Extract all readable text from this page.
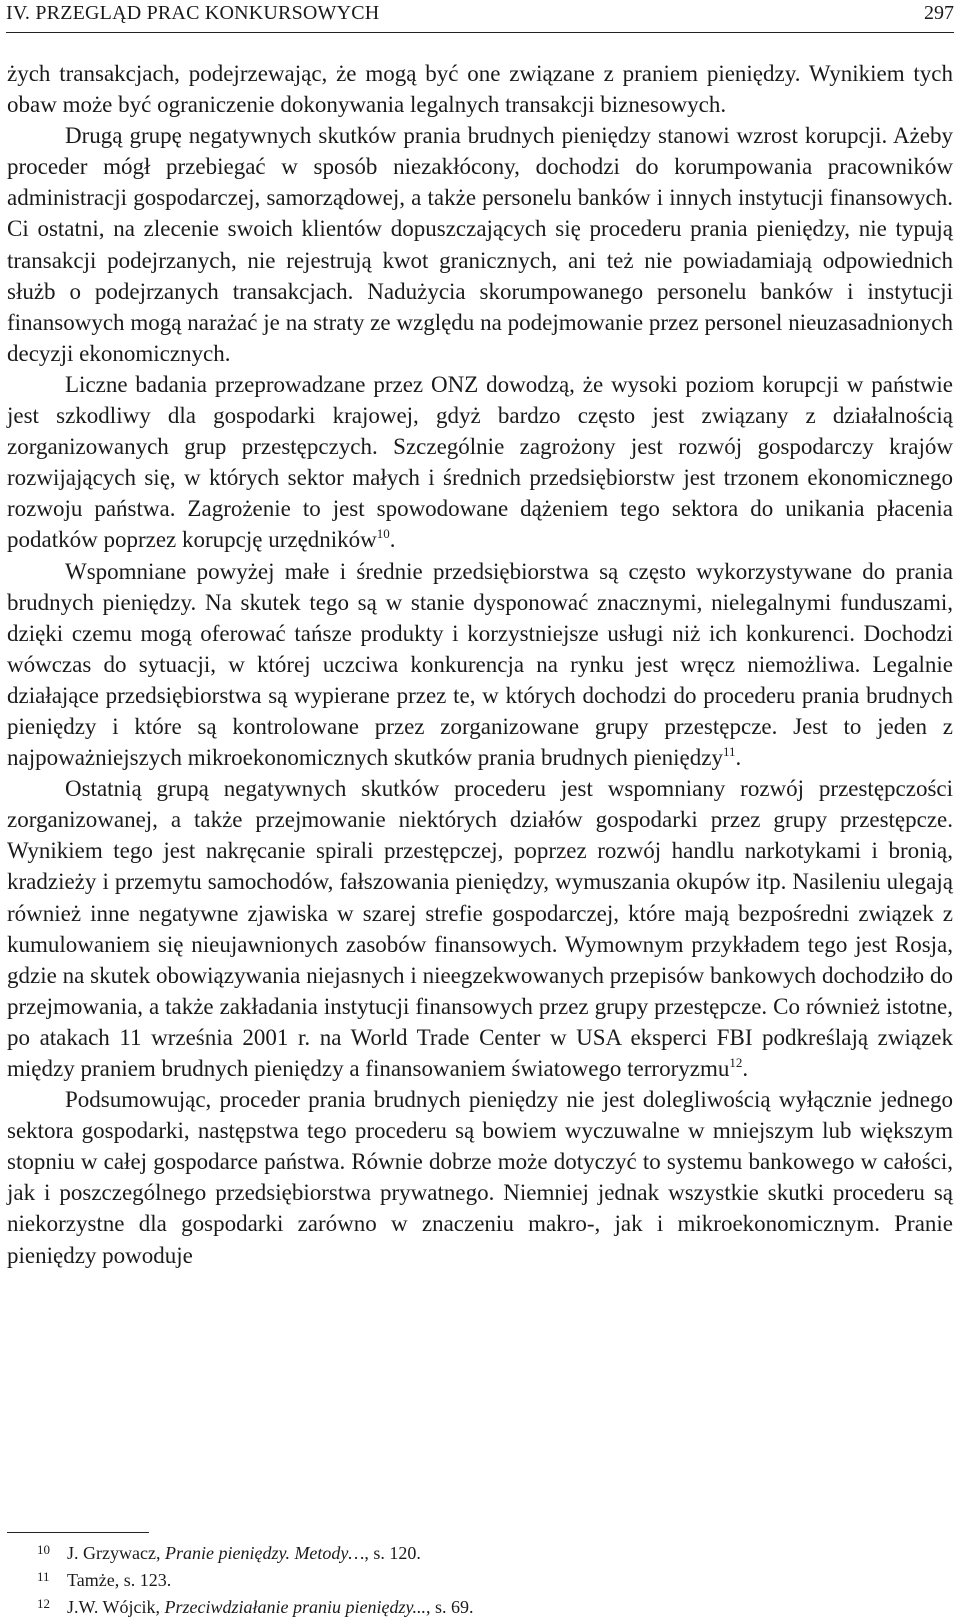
IV. PRZEGLĄD PRAC KONKURSOWYCH	297

żych transakcjach, podejrzewając, że mogą być one związane z praniem pieniędzy. Wynikiem tych obaw może być ograniczenie dokonywania legalnych transakcji biznesowych.

Drugą grupę negatywnych skutków prania brudnych pieniędzy stanowi wzrost korupcji. Ażeby proceder mógł przebiegać w sposób niezakłócony, dochodzi do korumpowania pracowników administracji gospodarczej, samorządowej, a także personelu banków i innych instytucji finansowych. Ci ostatni, na zlecenie swoich klientów dopuszczających się procederu prania pieniędzy, nie typują transakcji podejrzanych, nie rejestrują kwot granicznych, ani też nie powiadamiają odpowiednich służb o podejrzanych transakcjach. Nadużycia skorumpowanego personelu banków i instytucji finansowych mogą narażać je na straty ze względu na podejmowanie przez personel nieuzasadnionych decyzji ekonomicznych.

Liczne badania przeprowadzane przez ONZ dowodzą, że wysoki poziom korupcji w państwie jest szkodliwy dla gospodarki krajowej, gdyż bardzo często jest związany z działalnością zorganizowanych grup przestępczych. Szczególnie zagrożony jest rozwój gospodarczy krajów rozwijających się, w których sektor małych i średnich przedsiębiorstw jest trzonem ekonomicznego rozwoju państwa. Zagrożenie to jest spowodowane dążeniem tego sektora do unikania płacenia podatków poprzez korupcję urzędników$^{10}$.

Wspomniane powyżej małe i średnie przedsiębiorstwa są często wykorzystywane do prania brudnych pieniędzy. Na skutek tego są w stanie dysponować znacznymi, nielegalnymi funduszami, dzięki czemu mogą oferować tańsze produkty i korzystniejsze usługi niż ich konkurenci. Dochodzi wówczas do sytuacji, w której uczciwa konkurencja na rynku jest wręcz niemożliwa. Legalnie działające przedsiębiorstwa są wypierane przez te, w których dochodzi do procederu prania brudnych pieniędzy i które są kontrolowane przez zorganizowane grupy przestępcze. Jest to jeden z najpoważniejszych mikroekonomicznych skutków prania brudnych pieniędzy$^{11}$.

Ostatnią grupą negatywnych skutków procederu jest wspomniany rozwój przestępczości zorganizowanej, a także przejmowanie niektórych działów gospodarki przez grupy przestępcze. Wynikiem tego jest nakręcanie spirali przestępczej, poprzez rozwój handlu narkotykami i bronią, kradzieży i przemytu samochodów, fałszowania pieniędzy, wymuszania okupów itp. Nasileniu ulegają również inne negatywne zjawiska w szarej strefie gospodarczej, które mają bezpośredni związek z kumulowaniem się nieujawnionych zasobów finansowych. Wymownym przykładem tego jest Rosja, gdzie na skutek obowiązywania niejasnych i nieegzekwowanych przepisów bankowych dochodziło do przejmowania, a także zakładania instytucji finansowych przez grupy przestępcze. Co również istotne, po atakach 11 września 2001 r. na World Trade Center w USA eksperci FBI podkreślają związek między praniem brudnych pieniędzy a finansowaniem światowego terroryzmu$^{12}$.

Podsumowując, proceder prania brudnych pieniędzy nie jest dolegliwością wyłącznie jednego sektora gospodarki, następstwa tego procederu są bowiem wyczuwalne w mniejszym lub większym stopniu w całej gospodarce państwa. Równie dobrze może dotyczyć to systemu bankowego w całości, jak i poszczególnego przedsiębiorstwa prywatnego. Niemniej jednak wszystkie skutki procederu są niekorzystne dla gospodarki zarówno w znaczeniu makro-, jak i mikroekonomicznym. Pranie pieniędzy powoduje

10 J. Grzywacz, Pranie pieniędzy. Metody…, s. 120.
11 Tamże, s. 123.
12 J.W. Wójcik, Przeciwdziałanie praniu pieniędzy..., s. 69.
